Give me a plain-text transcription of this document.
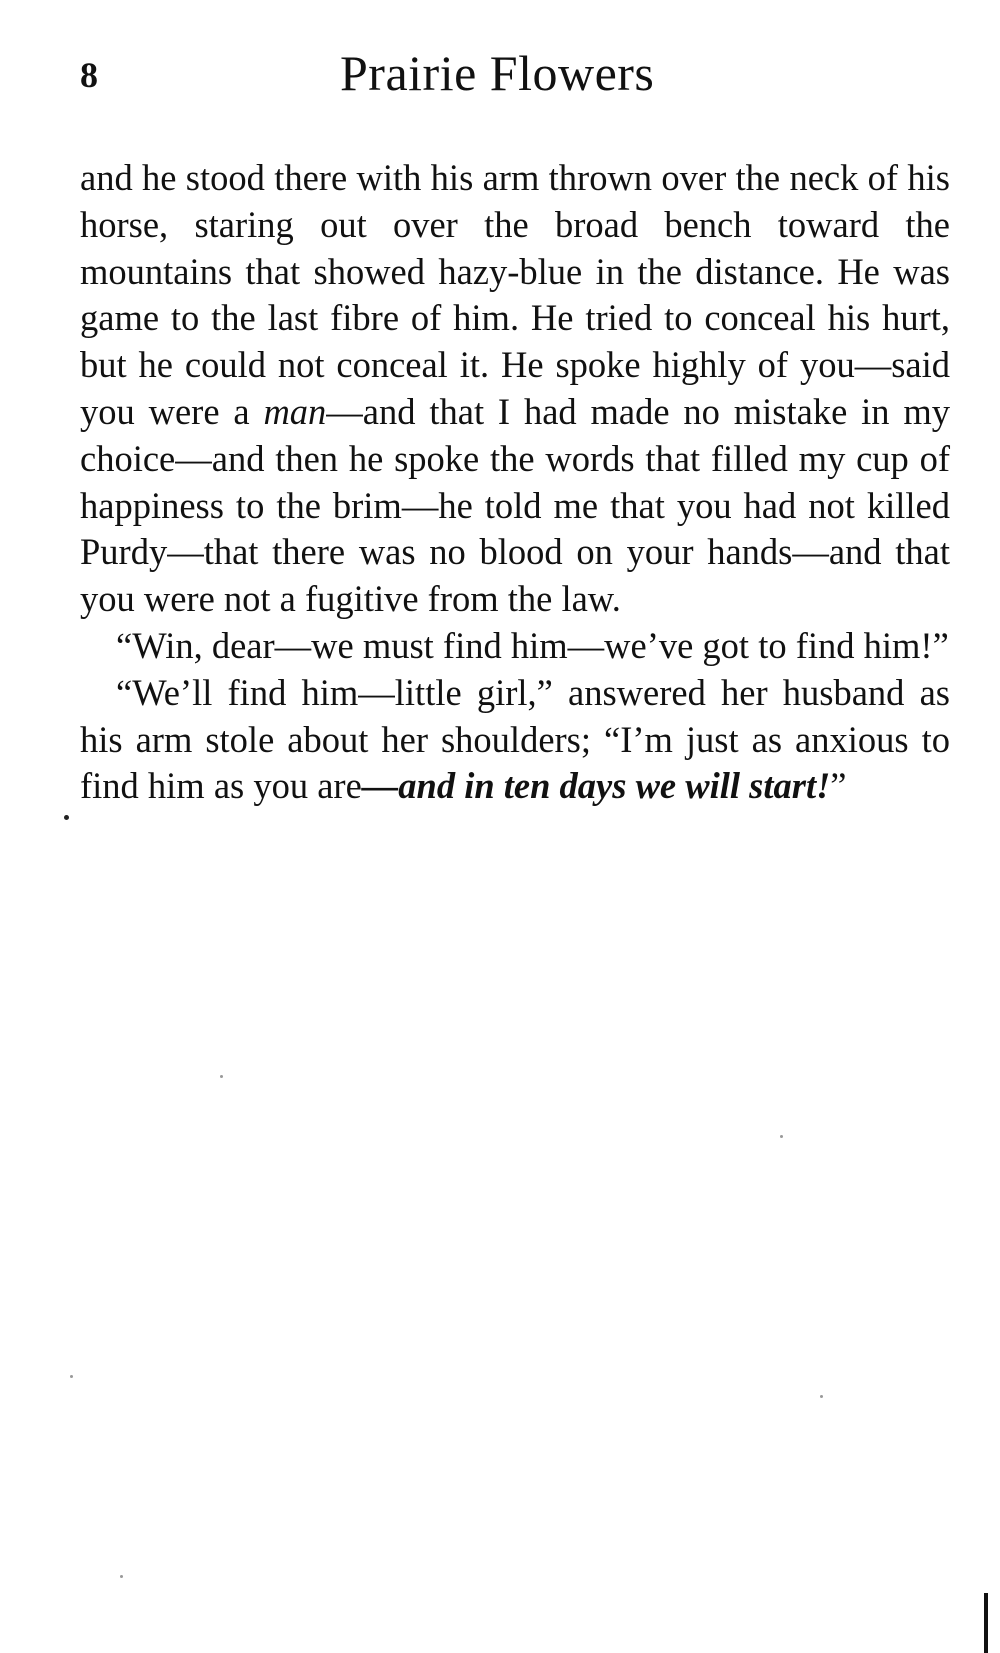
8	Prairie Flowers

and he stood there with his arm thrown over the neck of his horse, staring out over the broad bench toward the mountains that showed hazy-blue in the distance. He was game to the last fibre of him. He tried to conceal his hurt, but he could not conceal it. He spoke highly of you—said you were a man—and that I had made no mistake in my choice—and then he spoke the words that filled my cup of happiness to the brim—he told me that you had not killed Purdy—that there was no blood on your hands—and that you were not a fugitive from the law.

“Win, dear—we must find him—we’ve got to find him!”

“We’ll find him—little girl,” answered her husband as his arm stole about her shoulders; “I’m just as anxious to find him as you are—and in ten days we will start!”
